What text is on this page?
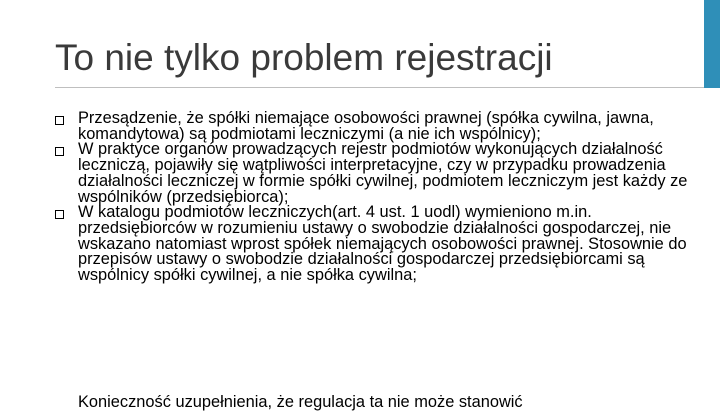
To nie tylko problem rejestracji
Przesądzenie, że spółki niemające osobowości prawnej (spółka cywilna, jawna, komandytowa) są podmiotami leczniczymi (a nie ich wspólnicy);
W praktyce organów prowadzących rejestr podmiotów wykonujących działalność leczniczą, pojawiły się wątpliwości interpretacyjne, czy w przypadku prowadzenia działalności leczniczej w formie spółki cywilnej, podmiotem leczniczym jest każdy ze wspólników (przedsiębiorca);
W katalogu podmiotów leczniczych(art. 4 ust. 1 uodl) wymieniono m.in. przedsiębiorców w rozumieniu ustawy o swobodzie działalności gospodarczej, nie wskazano natomiast wprost spółek niemających osobowości prawnej. Stosownie do przepisów ustawy o swobodzie działalności gospodarczej przedsiębiorcami są wspólnicy spółki cywilnej, a nie spółka cywilna;
Konieczność uzupełnienia, że regulacja ta nie może stanowić
